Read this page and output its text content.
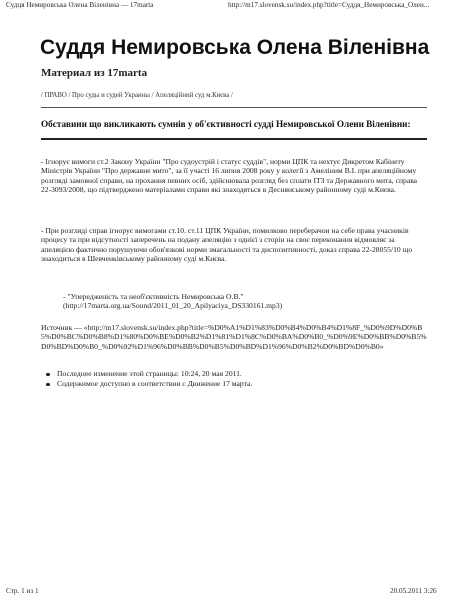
Судця Немировська Олена Віленівна — 17marta	http://m17.slovensk.su/index.php?title=Суддя_Немировська_Олен...
Суддя Немировська Олена Віленівна
Материал из 17marta
/ ПРАВО / Про суды и судей Украины / Апеляційний суд м.Києва /
Обставини що викликають сумнів у об'єктивності судді Немировської Олени Віленівни:
- Ігнорує вимоги ст.2 Закону України "Про судоустрій і статус суддів", норми ЦПК та нехтує Дикретом Кабінету Міністрів України "Про державне мито", за її участі 16 липня 2008 року у колегії з Амеліним В.І. при апеляційному розгляді замовної справи, на прохання певних осіб, здійснювала розгляд без сплати ІТЗ та Державного мита, справа 22-3093/2008, що підтверджено матеріалами справи які знаходяться в Деснянському районному суді м.Києва.
- При розгляді справ ігнорує вимогами ст.10. ст.11 ЦПК України, помилково переберачои на себе права учасників процесу та при відсутності заперечень на подану апеляцію з однієї з сторін на своє переконання відмовляє за апеляцією фактично порушуючи обов'язкові норми змагальності та диспозитивності, доказ справа 22-28055/10 що знаходиться в Шевченківському районному суді м.Києва.
- "Упередженість та необ'єктивність Немировська О.В." (http://17marta.org.ua/Sound/2011_01_20_Apilyaciya_DS330161.mp3)
Источник — «http://m17.slovensk.su/index.php?title=%D0%A1%D1%83%D0%B4%D0%B4%D1%8F_%D0%9D%D0%B5%D0%BC%D0%B8%D1%80%D0%BE%D0%B2%D1%81%D1%8C%D0%BA%D0%B0_%D0%9E%D0%BB%D0%B5%D0%BD%D0%B0_%D0%92%D1%96%D0%BB%D0%B5%D0%BD%D1%96%D0%B2%D0%BD%D0%B0»
Последнее изменение этой страницы: 10:24, 20 мая 2011.
Содержимое доступно в соответствии с Движение 17 марта.
Стр. 1 из 1	20.05.2011 3:26
